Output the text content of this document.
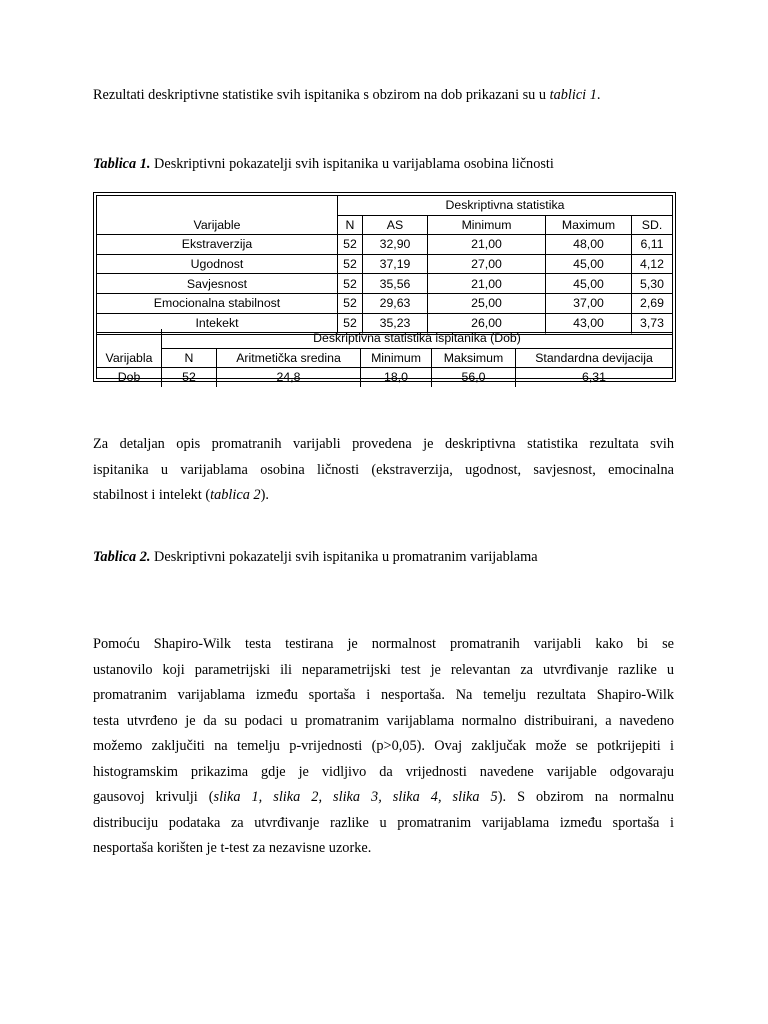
Rezultati deskriptivne statistike svih ispitanika s obzirom na dob prikazani su u tablici 1.
Tablica 1. Deskriptivni pokazatelji svih ispitanika u varijablama osobina ličnosti
Varijable	Deskriptivna statistika				
	N	AS	Minimum	Maximum	SD.
Ekstraverzija	52	32,90	21,00	48,00	6,11
Ugodnost	52	37,19	27,00	45,00	4,12
Savjesnost	52	35,56	21,00	45,00	5,30
Emocionalna stabilnost	52	29,63	25,00	37,00	2,69
Intekekt	52	35,23	26,00	43,00	3,73
Varijabla	Deskriptivna statistika ispitanika (Dob)				
	N	Aritmetička sredina	Minimum	Maksimum	Standardna devijacija
Dob	52	24,8	18,0	56,0	6,31
Za detaljan opis promatranih varijabli provedena je deskriptivna statistika rezultata svih
ispitanika u varijablama osobina ličnosti (ekstraverzija, ugodnost, savjesnost, emocinalna
stabilnost i intelekt (tablica 2).
Tablica 2. Deskriptivni pokazatelji svih ispitanika u promatranim varijablama
Pomoću Shapiro-Wilk testa testirana je normalnost promatranih varijabli kako bi se
ustanovilo koji parametrijski ili neparametrijski test je relevantan za utvrđivanje razlike u
promatranim varijablama između sportaša i nesportaša. Na temelju rezultata Shapiro-Wilk
testa utvrđeno je da su podaci u promatranim varijablama normalno distribuirani, a navedeno
možemo zaključiti na temelju p-vrijednosti (p>0,05). Ovaj zaključak može se potkrijepiti i
histogramskim prikazima gdje je vidljivo da vrijednosti navedene varijable odgovaraju
gausovoj krivulji (slika 1, slika 2, slika 3, slika 4, slika 5). S obzirom na normalnu
distribuciju podataka za utvrđivanje razlike u promatranim varijablama između sportaša i
nesportaša korišten je t-test za nezavisne uzorke.
